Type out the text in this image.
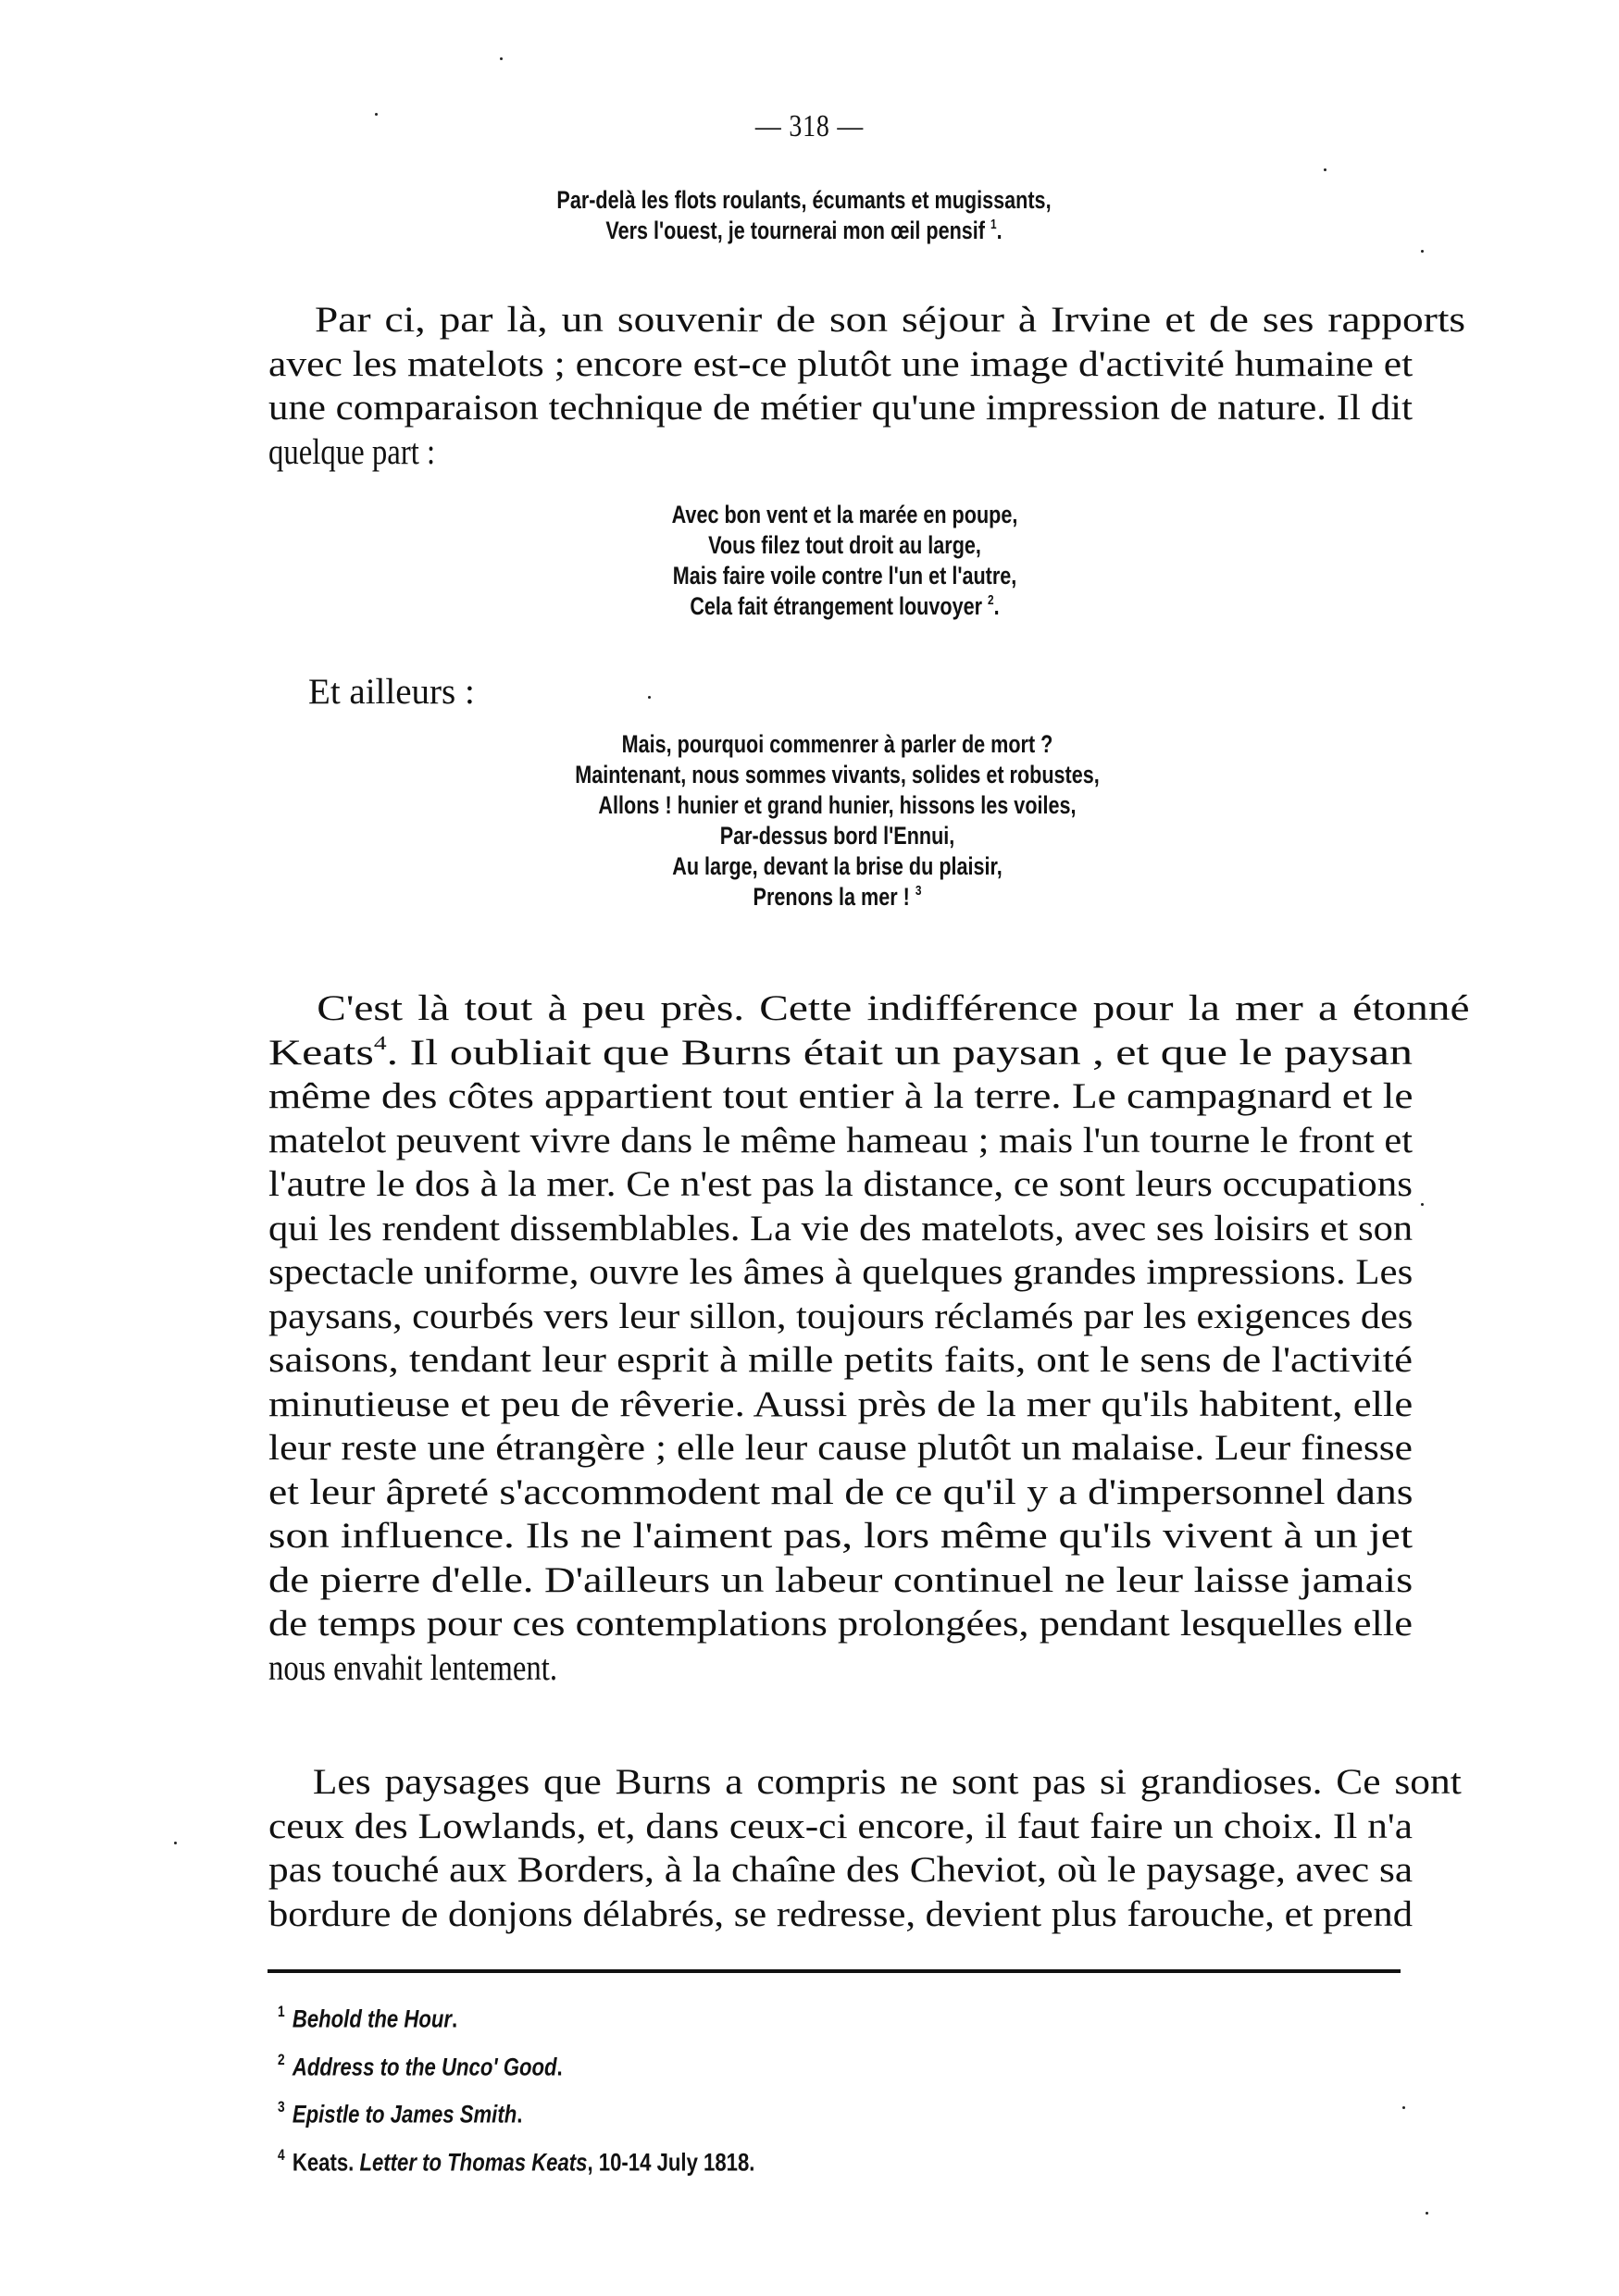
— 318 —
Par-delà les flots roulants, écumants et mugissants,
Vers l'ouest, je tournerai mon œil pensif $^1$.
Par ci, par là, un souvenir de son séjour à Irvine et de ses rapports
avec les matelots ; encore est-ce plutôt une image d'activité humaine et
une comparaison technique de métier qu'une impression de nature. Il dit
quelque part :
Avec bon vent et la marée en poupe,
Vous filez tout droit au large,
Mais faire voile contre l'un et l'autre,
Cela fait étrangement louvoyer $^2$.
Et ailleurs :
Mais, pourquoi commenrer à parler de mort ?
Maintenant, nous sommes vivants, solides et robustes,
Allons ! hunier et grand hunier, hissons les voiles,
Par-dessus bord l'Ennui,
Au large, devant la brise du plaisir,
Prenons la mer ! $^3$
C'est là tout à peu près. Cette indifférence pour la mer a étonné
Keats$^4$. Il oubliait que Burns était un paysan , et que le paysan
même des côtes appartient tout entier à la terre. Le campagnard et le
matelot peuvent vivre dans le même hameau ; mais l'un tourne le front et
l'autre le dos à la mer. Ce n'est pas la distance, ce sont leurs occupations
qui les rendent dissemblables. La vie des matelots, avec ses loisirs et son
spectacle uniforme, ouvre les âmes à quelques grandes impressions. Les
paysans, courbés vers leur sillon, toujours réclamés par les exigences des
saisons, tendant leur esprit à mille petits faits, ont le sens de l'activité
minutieuse et peu de rêverie. Aussi près de la mer qu'ils habitent, elle
leur reste une étrangère ; elle leur cause plutôt un malaise. Leur finesse
et leur âpreté s'accommodent mal de ce qu'il y a d'impersonnel dans
son influence. Ils ne l'aiment pas, lors même qu'ils vivent à un jet
de pierre d'elle. D'ailleurs un labeur continuel ne leur laisse jamais
de temps pour ces contemplations prolongées, pendant lesquelles elle
nous envahit lentement.
Les paysages que Burns a compris ne sont pas si grandioses. Ce sont
ceux des Lowlands, et, dans ceux-ci encore, il faut faire un choix. Il n'a
pas touché aux Borders, à la chaîne des Cheviot, où le paysage, avec sa
bordure de donjons délabrés, se redresse, devient plus farouche, et prend
$^1$ Behold the Hour.
$^2$ Address to the Unco' Good.
$^3$ Epistle to James Smith.
$^4$ Keats. Letter to Thomas Keats, 10-14 July 1818.
